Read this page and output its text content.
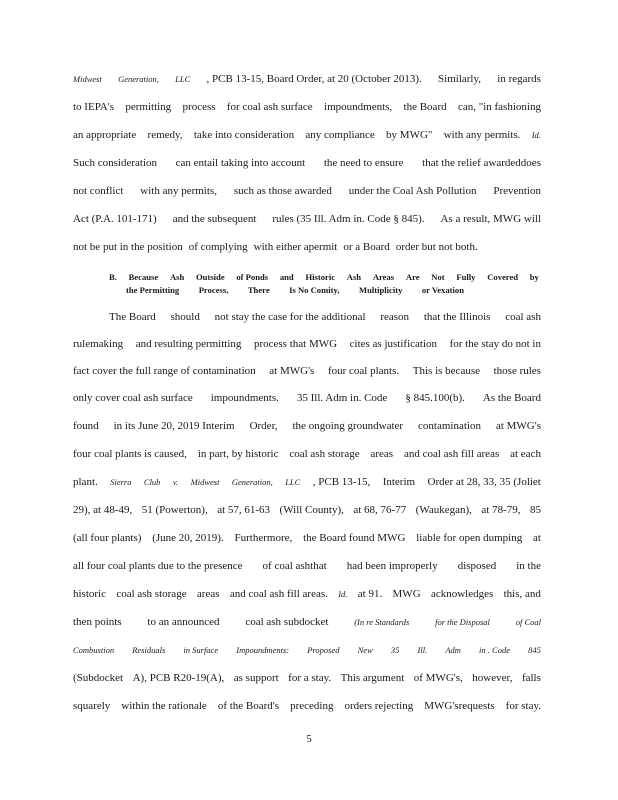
Midwest Generation, LLC , PCB 13-15, Board Order, at 20 (October 2013). Similarly, in regards
to IEPA's permitting process for coal ash surface impoundments, the Board can, "in fashioning
an appropriate remedy, take into consideration any compliance by MWG" with any permits. Id.
Such consideration can entail taking into account the need to ensure that the relief awardeddoes
not conflict with any permits, such as those awarded under the Coal Ash Pollution Prevention
Act (P.A. 101-171) and the subsequent rules (35 Ill. Adm in. Code § 845). As a result, MWG will
not be put in the position of complying with either apermit or a Board order but not both.
B. Because Ash Outside of Ponds and Historic Ash Areas Are Not Fully Covered by
the Permitting Process, There Is No Comity, Multiplicity or Vexation
The Board should not stay the case for the additional reason that the Illinois coal ash
rulemaking and resulting permitting process that MWG cites as justification for the stay do not in
fact cover the full range of contamination at MWG's four coal plants. This is because those rules
only cover coal ash surface impoundments. 35 Ill. Adm in. Code § 845.100(b). As the Board
found in its June 20, 2019 Interim Order, the ongoing groundwater contamination at MWG's
four coal plants is caused, in part, by historic coal ash storage areas and coal ash fill areas at each
plant. Sierra Club v. Midwest Generation, LLC , PCB 13-15, Interim Order at 28, 33, 35 (Joliet
29), at 48-49, 51 (Powerton), at 57, 61-63 (Will County), at 68, 76-77 (Waukegan), at 78-79, 85
(all four plants) (June 20, 2019). Furthermore, the Board found MWG liable for open dumping at
all four coal plants due to the presence of coal ashthat had been improperly disposed in the
historic coal ash storage areas and coal ash fill areas. Id. at 91. MWG acknowledges this, and
then points to an announced coal ash subdocket	(In re Standards	for the Disposal	of Coal
Combustion Residuals in Surface Impoundments: Proposed New 35 Ill. Adm in . Code 845
(Subdocket A), PCB R20-19(A), as support for a stay. This argument of MWG's, however, falls
squarely within the rationale of the Board's preceding orders rejecting MWG'srequests for stay.
5
